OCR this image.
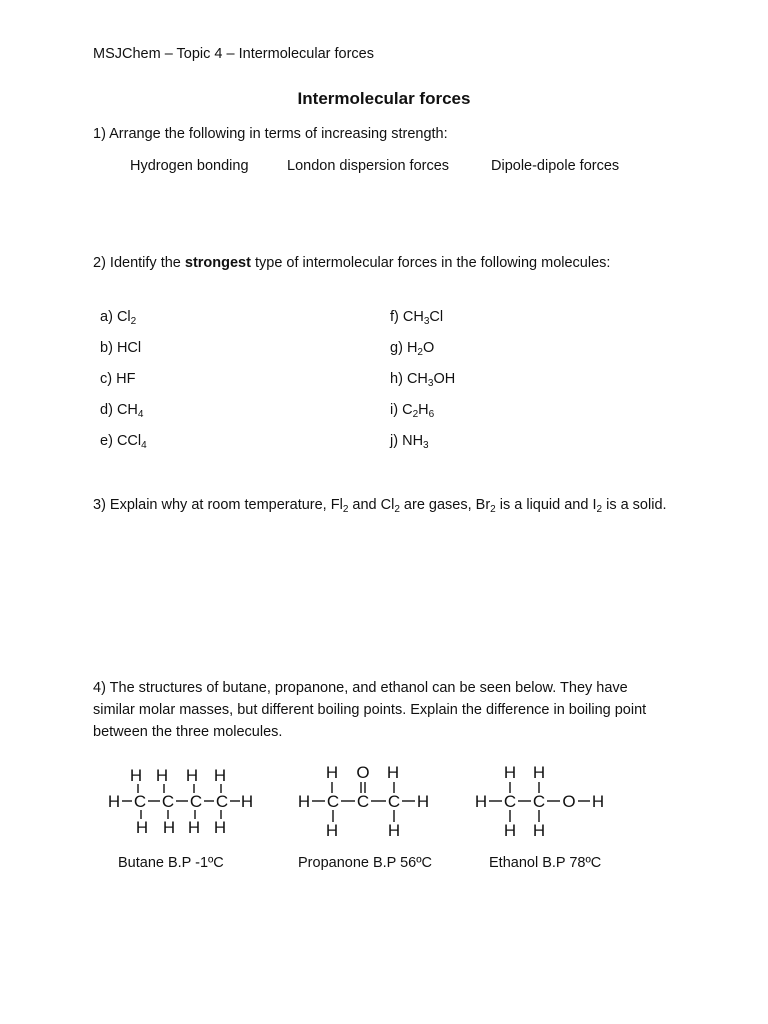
MSJChem – Topic 4 – Intermolecular forces
Intermolecular forces
1) Arrange the following in terms of increasing strength:
Hydrogen bonding	London dispersion forces	Dipole-dipole forces
2) Identify the strongest type of intermolecular forces in the following molecules:
a) $Cl_2$
b) HCl
c) HF
d) $CH_4$
e) CCl$_4$
f) $CH_3Cl$
g) $H_2O$
h) $CH_3OH$
i) $C_2H_6$
j) $NH_3$
3) Explain why at room temperature, $Fl_2$ and $Cl_2$ are gases, $Br_2$ is a liquid and $I_2$ is a solid.
4) The structures of butane, propanone, and ethanol can be seen below. They have similar molar masses, but different boiling points. Explain the difference in boiling point between the three molecules.
H H H H
H C C C C H
H H H H
H O H
H C C C H
H	H
H H
H C C O H
H H
Butane B.P -1ºC	Propanone B.P 56ºC	Ethanol B.P 78ºC
